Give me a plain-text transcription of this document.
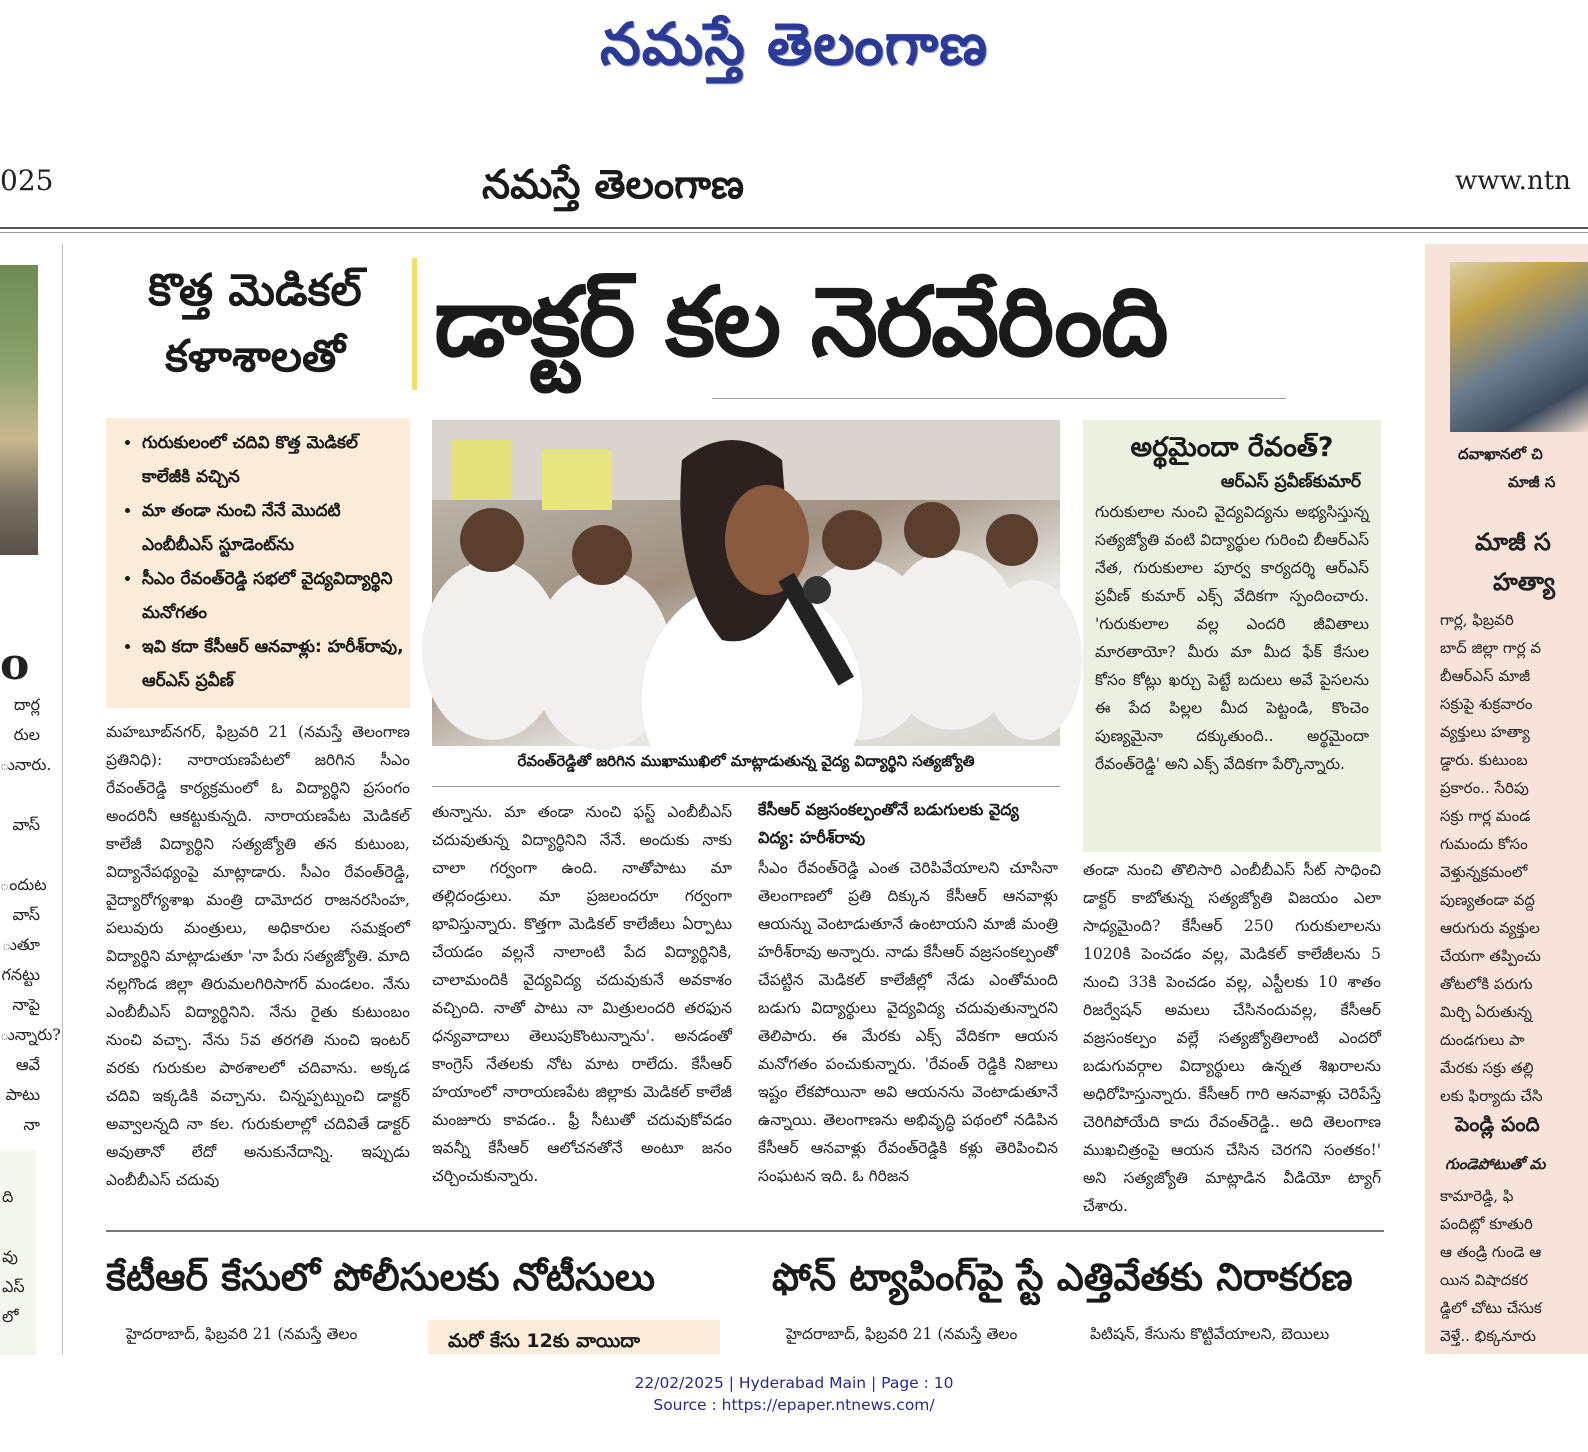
నమస్తే తెలంగాణ
025	నమస్తే తెలంగాణ	www.ntn
o
దార్ల
రుల
ునారు.

వాస్

ందుట
వాస్
ుతూ
గనట్టు
నాపై
ున్నారు?
ఆవే
పాటు
నా
ది

వు
ఎస్
లో
కొత్త మెడికల్ కళాశాలతో డాక్టర్ కల నెరవేరింది
• గురుకులంలో చదివి కొత్త మెడికల్ కాలేజీకి వచ్చిన
• మా తండా నుంచి నేనే మొదటి ఎంబీబీఎస్ స్టూడెంట్‌ను
• సీఎం రేవంత్‌రెడ్డి సభలో వైద్యవిద్యార్థిని మనోగతం
• ఇవి కదా కేసీఆర్ ఆనవాళ్లు: హరీశ్‌రావు, ఆర్ఎస్ ప్రవీణ్
రేవంత్‌రెడ్డితో జరిగిన ముఖాముఖిలో మాట్లాడుతున్న వైద్య విద్యార్థిని సత్యజ్యోతి
మహబూబ్‌నగర్, ఫిబ్రవరి 21 (నమస్తే తెలంగాణ ప్రతినిధి): నారాయణపేటలో జరిగిన సీఎం రేవంత్‌రెడ్డి కార్యక్రమంలో ఓ విద్యార్థిని ప్రసంగం అందరినీ ఆకట్టుకున్నది. నారాయణపేట మెడికల్ కాలేజీ విద్యార్థిని సత్యజ్యోతి తన కుటుంబ, విద్యానేపథ్యంపై మాట్లాడారు. సీఎం రేవంత్‌రెడ్డి, వైద్యారోగ్యశాఖ మంత్రి దామోదర రాజనరసింహ, పలువురు మంత్రులు, అధికారుల సమక్షంలో విద్యార్థిని మాట్లాడుతూ 'నా పేరు సత్యజ్యోతి. మాది నల్లగొండ జిల్లా తిరుమలగిరిసాగర్ మండలం. నేను ఎంబీబీఎస్ విద్యార్థినిని. నేను రైతు కుటుంబం నుంచి వచ్చా. నేను 5వ తరగతి నుంచి ఇంటర్ వరకు గురుకుల పాఠశాలలో చదివాను. అక్కడ చదివి ఇక్కడికి వచ్చాను. చిన్నప్పట్నుంచి డాక్టర్ అవ్వాలన్నది నా కల. గురుకులాల్లో చదివితే డాక్టర్ అవుతానో లేదో అనుకునేదాన్ని. ఇప్పుడు ఎంబీబీఎస్ చదువు
తున్నాను. మా తండా నుంచి ఫస్ట్ ఎంబీబీఎస్ చదువుతున్న విద్యార్థినిని నేనే. అందుకు నాకు చాలా గర్వంగా ఉంది. నాతోపాటు మా తల్లిదండ్రులు. మా ప్రజలందరూ గర్వంగా భావిస్తున్నారు. కొత్తగా మెడికల్ కాలేజీలు ఏర్పాటు చేయడం వల్లనే నాలాంటి పేద విద్యార్థినికి, చాలామందికి వైద్యవిద్య చదువుకునే అవకాశం వచ్చింది. నాతో పాటు నా మిత్రులందరి తరఫున ధన్యవాదాలు తెలుపుకొంటున్నాను'. అనడంతో కాంగ్రెస్ నేతలకు నోట మాట రాలేదు. కేసీఆర్ హయాంలో నారాయణపేట జిల్లాకు మెడికల్ కాలేజీ మంజూరు కావడం.. ఫ్రీ సీటుతో చదువుకోవడం ఇవన్నీ కేసీఆర్ ఆలోచనతోనే అంటూ జనం చర్చించుకున్నారు.
కేసీఆర్ వజ్రసంకల్పంతోనే బడుగులకు వైద్య విద్య: హరీశ్‌రావు
సీఎం రేవంత్‌రెడ్డి ఎంత చెరిపివేయాలని చూసినా తెలంగాణలో ప్రతి దిక్కున కేసీఆర్ ఆనవాళ్లు ఆయన్ను వెంటాడుతూనే ఉంటాయని మాజీ మంత్రి హరీశ్‌రావు అన్నారు. నాడు కేసీఆర్ వజ్రసంకల్పంతో చేపట్టిన మెడికల్ కాలేజీల్లో నేడు ఎంతోమంది బడుగు విద్యార్థులు వైద్యవిద్య చదువుతున్నారని తెలిపారు. ఈ మేరకు ఎక్స్ వేదికగా ఆయన మనోగతం పంచుకున్నారు. 'రేవంత్ రెడ్డికి నిజాలు ఇష్టం లేకపోయినా అవి ఆయనను వెంటాడుతూనే ఉన్నాయి. తెలంగాణను అభివృద్ధి పథంలో నడిపిన కేసీఆర్ ఆనవాళ్లు రేవంత్‌రెడ్డికి కళ్లు తెరిపించిన సంఘటన ఇది. ఓ గిరిజన
అర్థమైందా రేవంత్?
ఆర్ఎస్ ప్రవీణ్‌కుమార్
గురుకులాల నుంచి వైద్యవిద్యను అభ్యసిస్తున్న సత్యజ్యోతి వంటి విద్యార్థుల గురించి బీఆర్ఎస్ నేత, గురుకులాల పూర్వ కార్యదర్శి ఆర్ఎస్ ప్రవీణ్ కుమార్ ఎక్స్ వేదికగా స్పందించారు. 'గురుకులాల వల్ల ఎందరి జీవితాలు మారతాయో? మీరు మా మీద ఫేక్ కేసుల కోసం కోట్లు ఖర్చు పెట్టే బదులు అవే పైసలను ఈ పేద పిల్లల మీద పెట్టండి, కొంచెం పుణ్యమైనా దక్కుతుంది.. అర్థమైందా రేవంత్‌రెడ్డి' అని ఎక్స్ వేదికగా పేర్కొన్నారు.
తండా నుంచి తొలిసారి ఎంబీబీఎస్ సీట్ సాధించి డాక్టర్ కాబోతున్న సత్యజ్యోతి విజయం ఎలా సాధ్యమైంది? కేసీఆర్ 250 గురుకులాలను 1020కి పెంచడం వల్ల, మెడికల్ కాలేజీలను 5 నుంచి 33కి పెంచడం వల్ల, ఎస్టీలకు 10 శాతం రిజర్వేషన్ అమలు చేసినందువల్ల, కేసీఆర్ వజ్రసంకల్పం వల్లే సత్యజ్యోతిలాంటి ఎందరో బడుగువర్గాల విద్యార్థులు ఉన్నత శిఖరాలను అధిరోహిస్తున్నారు. కేసీఆర్ గారి ఆనవాళ్లు చెరిపేస్తే చెరిగిపోయేది కాదు రేవంత్‌రెడ్డి.. అది తెలంగాణ ముఖచిత్రంపై ఆయన చేసిన చెరగని సంతకం!' అని సత్యజ్యోతి మాట్లాడిన వీడియో ట్యాగ్ చేశారు.
కేటీఆర్ కేసులో పోలీసులకు నోటీసులు	ఫోన్ ట్యాపింగ్‌పై స్టే ఎత్తివేతకు నిరాకరణ
హైదరాబాద్, ఫిబ్రవరి 21 (నమస్తే తెలం	మరో కేసు 12కు వాయిదా	హైదరాబాద్, ఫిబ్రవరి 21 (నమస్తే తెలం	పిటిషన్, కేసును కొట్టివేయాలని, బెయిలు
దవాఖానలో చి
మాజీ స
మాజీ స
హత్యా
గార్ల, ఫిబ్రవరి
బాద్ జిల్లా గార్ల వ
బీఆర్ఎస్ మాజీ
సక్రుపై శుక్రవారం
వ్యక్తులు హత్యా
డ్డారు. కుటుంబ
ప్రకారం.. సేరిపు
సక్రు గార్ల మండ
గుమందు కోసం
వెళ్తున్నక్రమంలో
పుణ్యతండా వద్ద
ఆరుగురు వ్యక్తుల
చేయగా తప్పించు
తోటలోకి పరుగు
మిర్చి ఏరుతున్న
దుండగులు పా
మేరకు సక్రు తల్లి
లకు ఫిర్యాదు చేసి
పెండ్లి పంది
గుండెపోటుతో మ
కామారెడ్డి, ఫి
పందిట్లో కూతురి
ఆ తండ్రి గుండె ఆ
యిన విషాదకర
డ్డిలో చోటు చేసుక
వెళ్తే.. భిక్కనూరు
22/02/2025 | Hyderabad Main | Page : 10
Source : https://epaper.ntnews.com/
